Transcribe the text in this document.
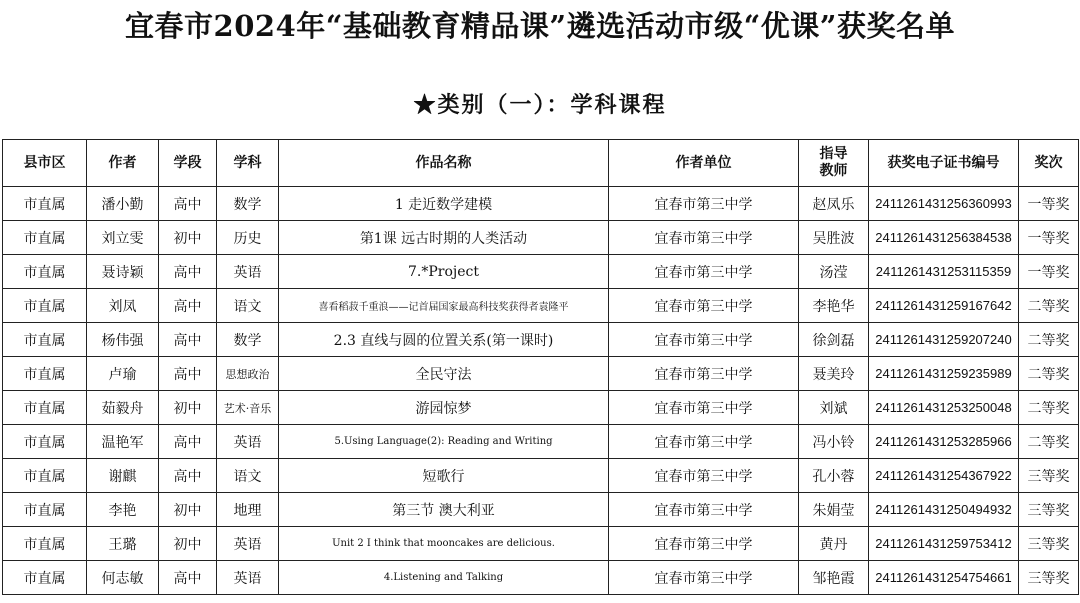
宜春市2024年“基础教育精品课”遴选活动市级“优课”获奖名单
★类别（一）：学科课程
县市区	作者	学段	学科	作品名称	作者单位	指导教师	获奖电子证书编号	奖次
市直属	潘小勤	高中	数学	1 走近数学建模	宜春市第三中学	赵凤乐	2411261431256360993	一等奖
市直属	刘立雯	初中	历史	第1课 远古时期的人类活动	宜春市第三中学	吴胜波	2411261431256384538	一等奖
市直属	聂诗颖	高中	英语	7.*Project	宜春市第三中学	汤滢	2411261431253115359	一等奖
市直属	刘凤	高中	语文	喜看稻菽千重浪——记首届国家最高科技奖获得者袁隆平	宜春市第三中学	李艳华	2411261431259167642	二等奖
市直属	杨伟强	高中	数学	2.3 直线与圆的位置关系(第一课时)	宜春市第三中学	徐剑磊	2411261431259207240	二等奖
市直属	卢瑜	高中	思想政治	全民守法	宜春市第三中学	聂美玲	2411261431259235989	二等奖
市直属	茹毅舟	初中	艺术·音乐	游园惊梦	宜春市第三中学	刘斌	2411261431253250048	二等奖
市直属	温艳军	高中	英语	5.Using Language(2): Reading and Writing	宜春市第三中学	冯小铃	2411261431253285966	二等奖
市直属	谢麒	高中	语文	短歌行	宜春市第三中学	孔小蓉	2411261431254367922	三等奖
市直属	李艳	初中	地理	第三节 澳大利亚	宜春市第三中学	朱娟莹	2411261431250494932	三等奖
市直属	王璐	初中	英语	Unit 2 I think that mooncakes are delicious.	宜春市第三中学	黄丹	2411261431259753412	三等奖
市直属	何志敏	高中	英语	4.Listening and Talking	宜春市第三中学	邹艳霞	2411261431254754661	三等奖
